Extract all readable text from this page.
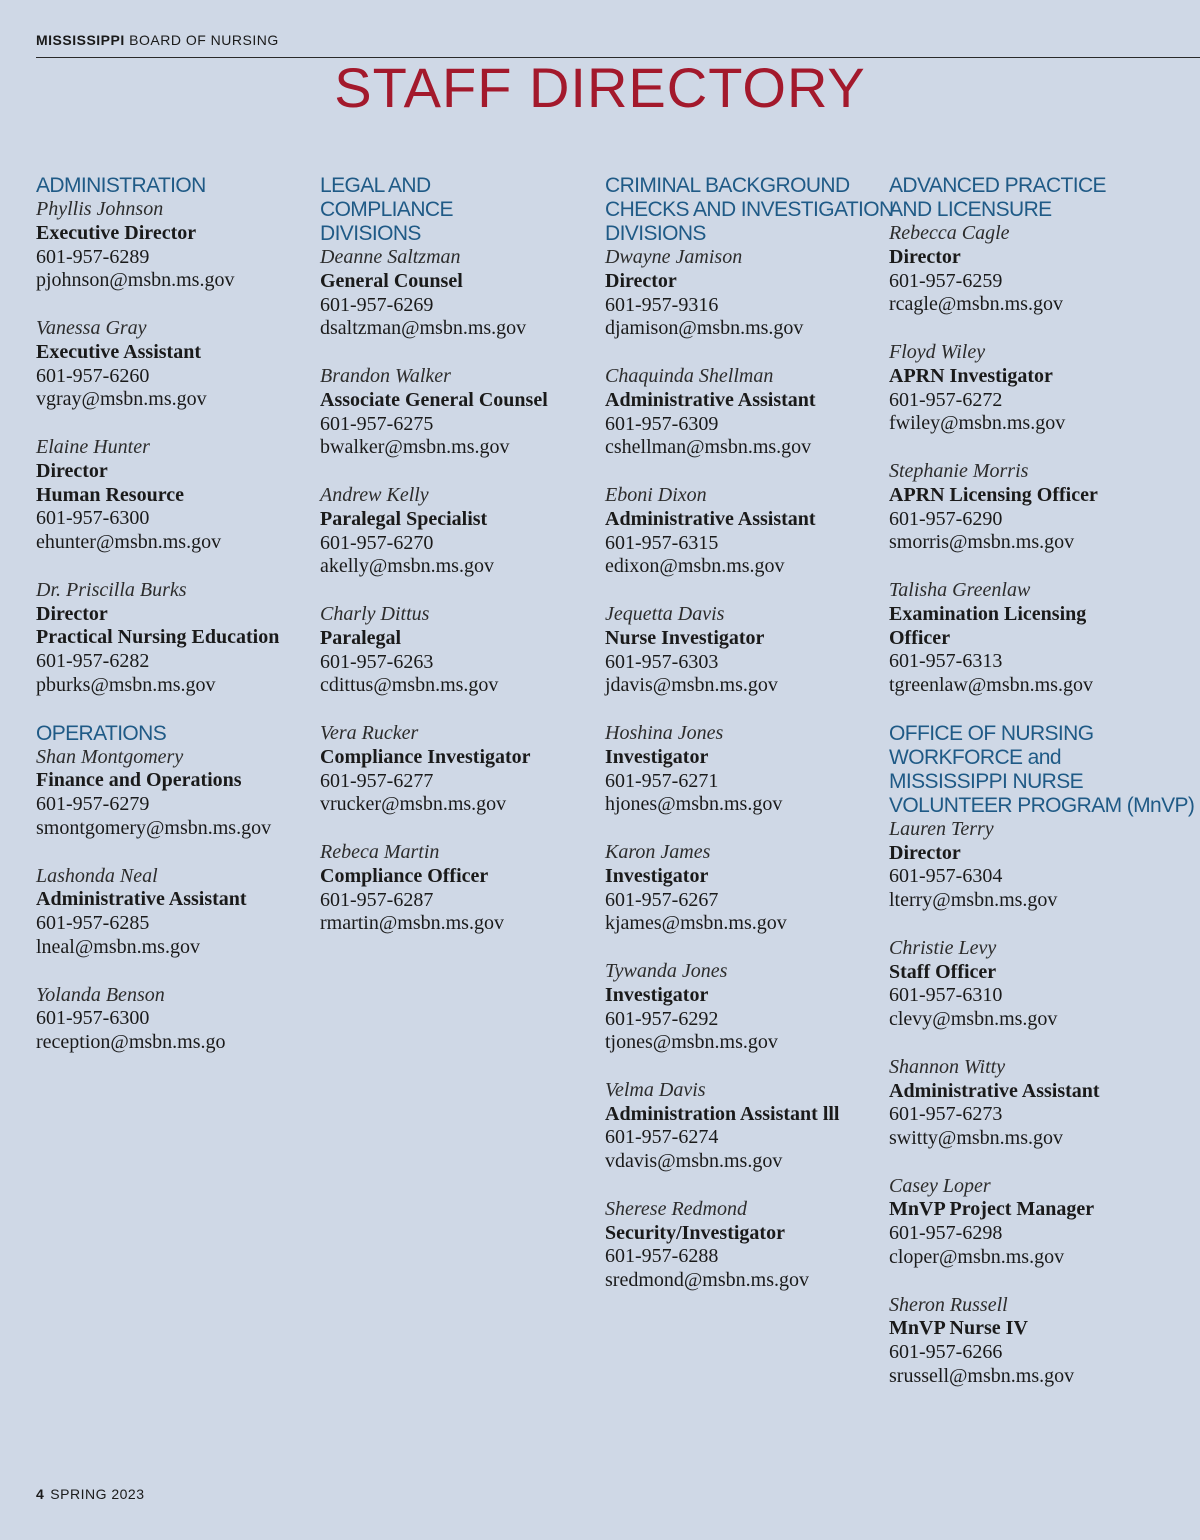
MISSISSIPPI BOARD OF NURSING
STAFF DIRECTORY
ADMINISTRATION
Phyllis Johnson
Executive Director
601-957-6289
pjohnson@msbn.ms.gov
Vanessa Gray
Executive Assistant
601-957-6260
vgray@msbn.ms.gov
Elaine Hunter
Director
Human Resource
601-957-6300
ehunter@msbn.ms.gov
Dr. Priscilla Burks
Director
Practical Nursing Education
601-957-6282
pburks@msbn.ms.gov
OPERATIONS
Shan Montgomery
Finance and Operations
601-957-6279
smontgomery@msbn.ms.gov
Lashonda Neal
Administrative Assistant
601-957-6285
lneal@msbn.ms.gov
Yolanda Benson
601-957-6300
reception@msbn.ms.go
LEGAL AND
COMPLIANCE
DIVISIONS
Deanne Saltzman
General Counsel
601-957-6269
dsaltzman@msbn.ms.gov
Brandon Walker
Associate General Counsel
601-957-6275
bwalker@msbn.ms.gov
Andrew Kelly
Paralegal Specialist
601-957-6270
akelly@msbn.ms.gov
Charly Dittus
Paralegal
601-957-6263
cdittus@msbn.ms.gov
Vera Rucker
Compliance Investigator
601-957-6277
vrucker@msbn.ms.gov
Rebeca Martin
Compliance Officer
601-957-6287
rmartin@msbn.ms.gov
CRIMINAL BACKGROUND
CHECKS AND INVESTIGATION
DIVISIONS
Dwayne Jamison
Director
601-957-9316
djamison@msbn.ms.gov
Chaquinda Shellman
Administrative Assistant
601-957-6309
cshellman@msbn.ms.gov
Eboni Dixon
Administrative Assistant
601-957-6315
edixon@msbn.ms.gov
Jequetta Davis
Nurse Investigator
601-957-6303
jdavis@msbn.ms.gov
Hoshina Jones
Investigator
601-957-6271
hjones@msbn.ms.gov
Karon James
Investigator
601-957-6267
kjames@msbn.ms.gov
Tywanda Jones
Investigator
601-957-6292
tjones@msbn.ms.gov
Velma Davis
Administration Assistant lll
601-957-6274
vdavis@msbn.ms.gov
Sherese Redmond
Security/Investigator
601-957-6288
sredmond@msbn.ms.gov
ADVANCED PRACTICE
AND LICENSURE
Rebecca Cagle
Director
601-957-6259
rcagle@msbn.ms.gov
Floyd Wiley
APRN Investigator
601-957-6272
fwiley@msbn.ms.gov
Stephanie Morris
APRN Licensing Officer
601-957-6290
smorris@msbn.ms.gov
Talisha Greenlaw
Examination Licensing
Officer
601-957-6313
tgreenlaw@msbn.ms.gov
OFFICE OF NURSING
WORKFORCE and
MISSISSIPPI NURSE
VOLUNTEER PROGRAM (MnVP)
Lauren Terry
Director
601-957-6304
lterry@msbn.ms.gov
Christie Levy
Staff Officer
601-957-6310
clevy@msbn.ms.gov
Shannon Witty
Administrative Assistant
601-957-6273
switty@msbn.ms.gov
Casey Loper
MnVP Project Manager
601-957-6298
cloper@msbn.ms.gov
Sheron Russell
MnVP Nurse IV
601-957-6266
srussell@msbn.ms.gov
4 SPRING 2023
